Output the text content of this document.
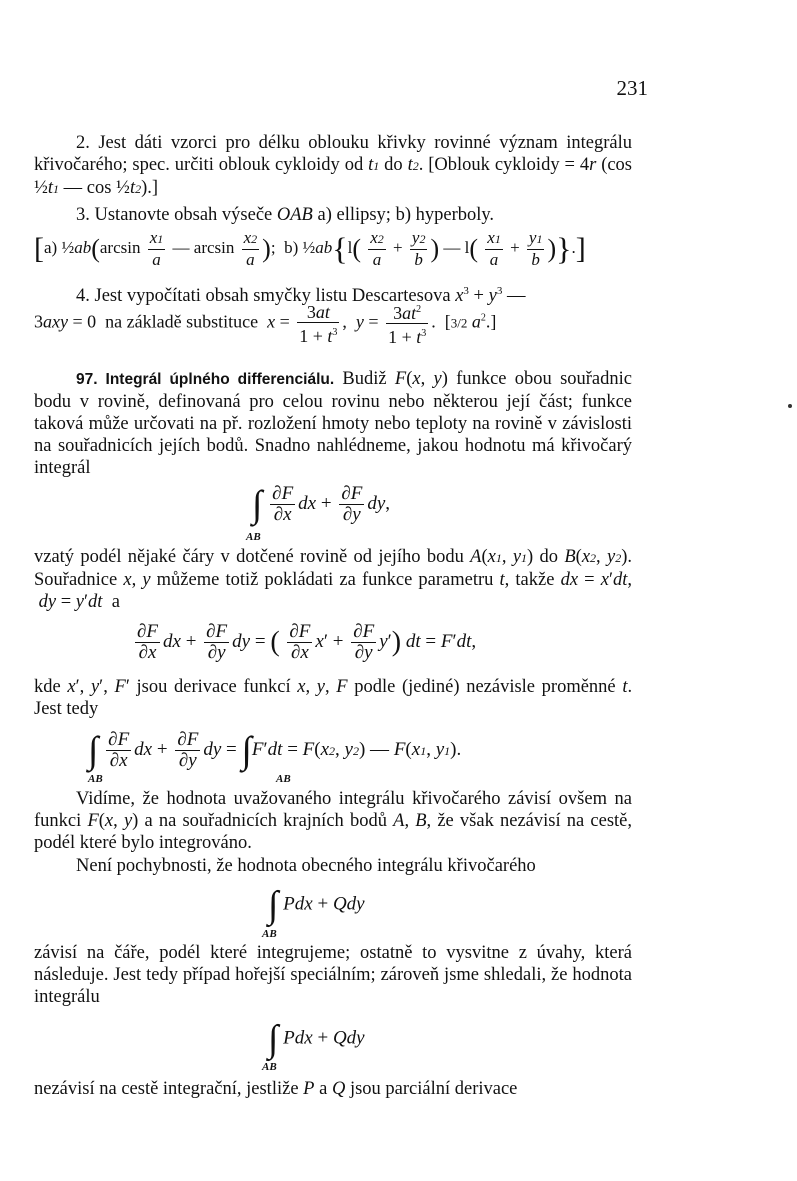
231
2. Jest dáti vzorci pro délku oblouku křivky rovinné význam integrálu křivočarého; spec. určiti oblouk cykloidy od t1 do t2. [Oblouk cykloidy = 4r (cos ½t1 — cos ½t2).]
3. Ustanovte obsah výseče OAB a) ellipsy; b) hyperboly.
[a) ½ab(arcsin $\frac{x1}{a}$ — $\arcsin \frac{x2}{a}$ );  b) ½ab{l( $\frac{x2}{a} + \frac{y2}{b}$ ) — $l( \frac{x1}{a} + \frac{y1}{b}$ )}.]
4. Jest vypočítati obsah smyčky listu Descartesova $x^3 + y^3$ —
3axy = 0  na základě substituce  $x = \frac{3at}{1 + t^3}$ ,  $y = \frac{3at^2}{1 + t^3}$ .  [3/2 $a^2$.]
97. Integrál úplného differenciálu. Budiž F(x, y) funkce obou souřadnic bodu v rovině, definovaná pro celou rovinu nebo některou její část; funkce taková může určovati na př. rozložení hmoty nebo teploty na rovině v závislosti na souřadnicích jejích bodů. Snadno nahlédneme, jakou hodnotu má křivočarý integrál
∫ $\frac{\partial F}{\partial x}$ dx + $\frac{\partial F}{\partial y}$ dy,
AB
vzatý podél nějaké čáry v dotčené rovině od jejího bodu A(x1, y1) do B(x2, y2). Souřadnice x, y můžeme totiž pokládati za funkce parametru t, takže dx = x′dt,  dy = y′dt  a
$\frac{\partial F}{\partial x}$ dx + $\frac{\partial F}{\partial y}$ dy = ( $\frac{\partial F}{\partial x} x' + \frac{\partial F}{\partial y} y'$) dt = F′dt,
kde x′, y′, F′ jsou derivace funkcí x, y, F podle (jediné) nezávisle proměnné t. Jest tedy
∫ $\frac{\partial F}{\partial x}$ dx + $\frac{\partial F}{\partial y}$ dy = ∫F′dt = F(x2, y2) — F(x1, y1).
AB	AB
Vidíme, že hodnota uvažovaného integrálu křivočarého závisí ovšem na funkci F(x, y) a na souřadnicích krajních bodů A, B, že však nezávisí na cestě, podél které bylo integrováno.
Není pochybnosti, že hodnota obecného integrálu křivočarého
∫ Pdx + Qdy
AB
závisí na čáře, podél které integrujeme; ostatně to vysvitne z úvahy, která následuje. Jest tedy případ hořejší speciálním; zároveň jsme shledali, že hodnota integrálu
∫ Pdx + Qdy
AB
nezávisí na cestě integrační, jestliže P a Q jsou parciální derivace
